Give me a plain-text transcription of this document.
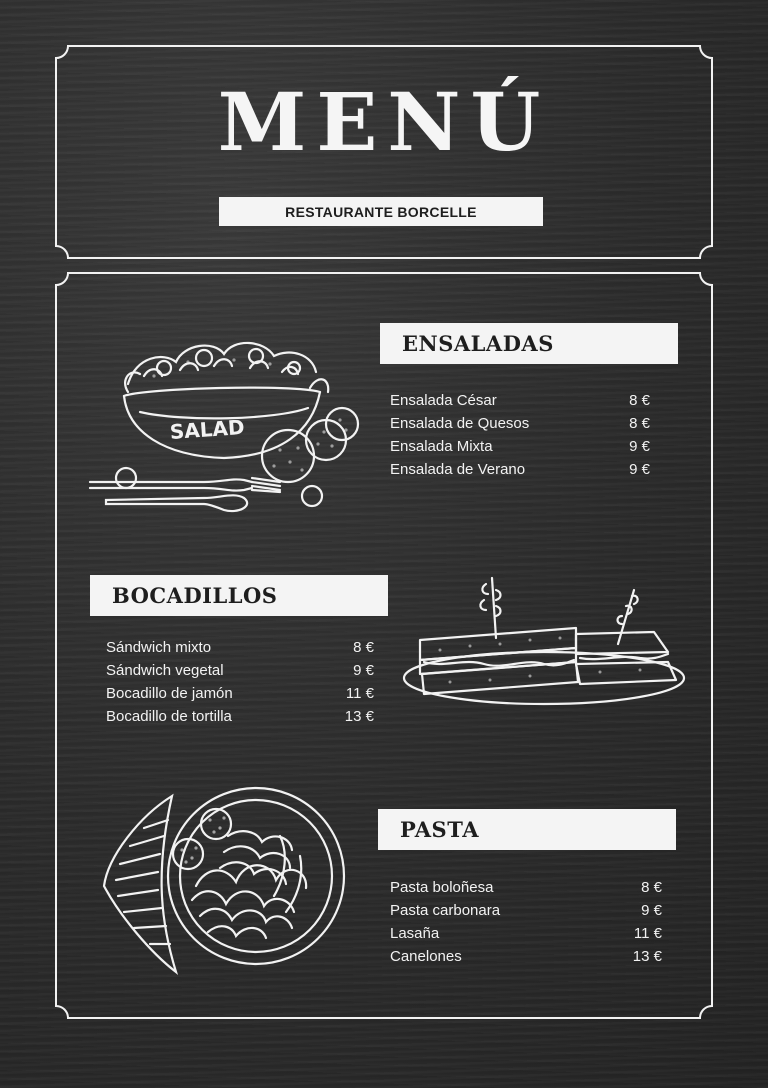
MENÚ
RESTAURANTE BORCELLE
ENSALADAS
Ensalada César	8 €
Ensalada de Quesos	8 €
Ensalada Mixta	9 €
Ensalada de Verano	9 €
BOCADILLOS
Sándwich mixto	8 €
Sándwich vegetal	9 €
Bocadillo de jamón	11 €
Bocadillo de tortilla	13 €
PASTA
Pasta boloñesa	8 €
Pasta carbonara	9 €
Lasaña	11 €
Canelones	13 €
SALAD
